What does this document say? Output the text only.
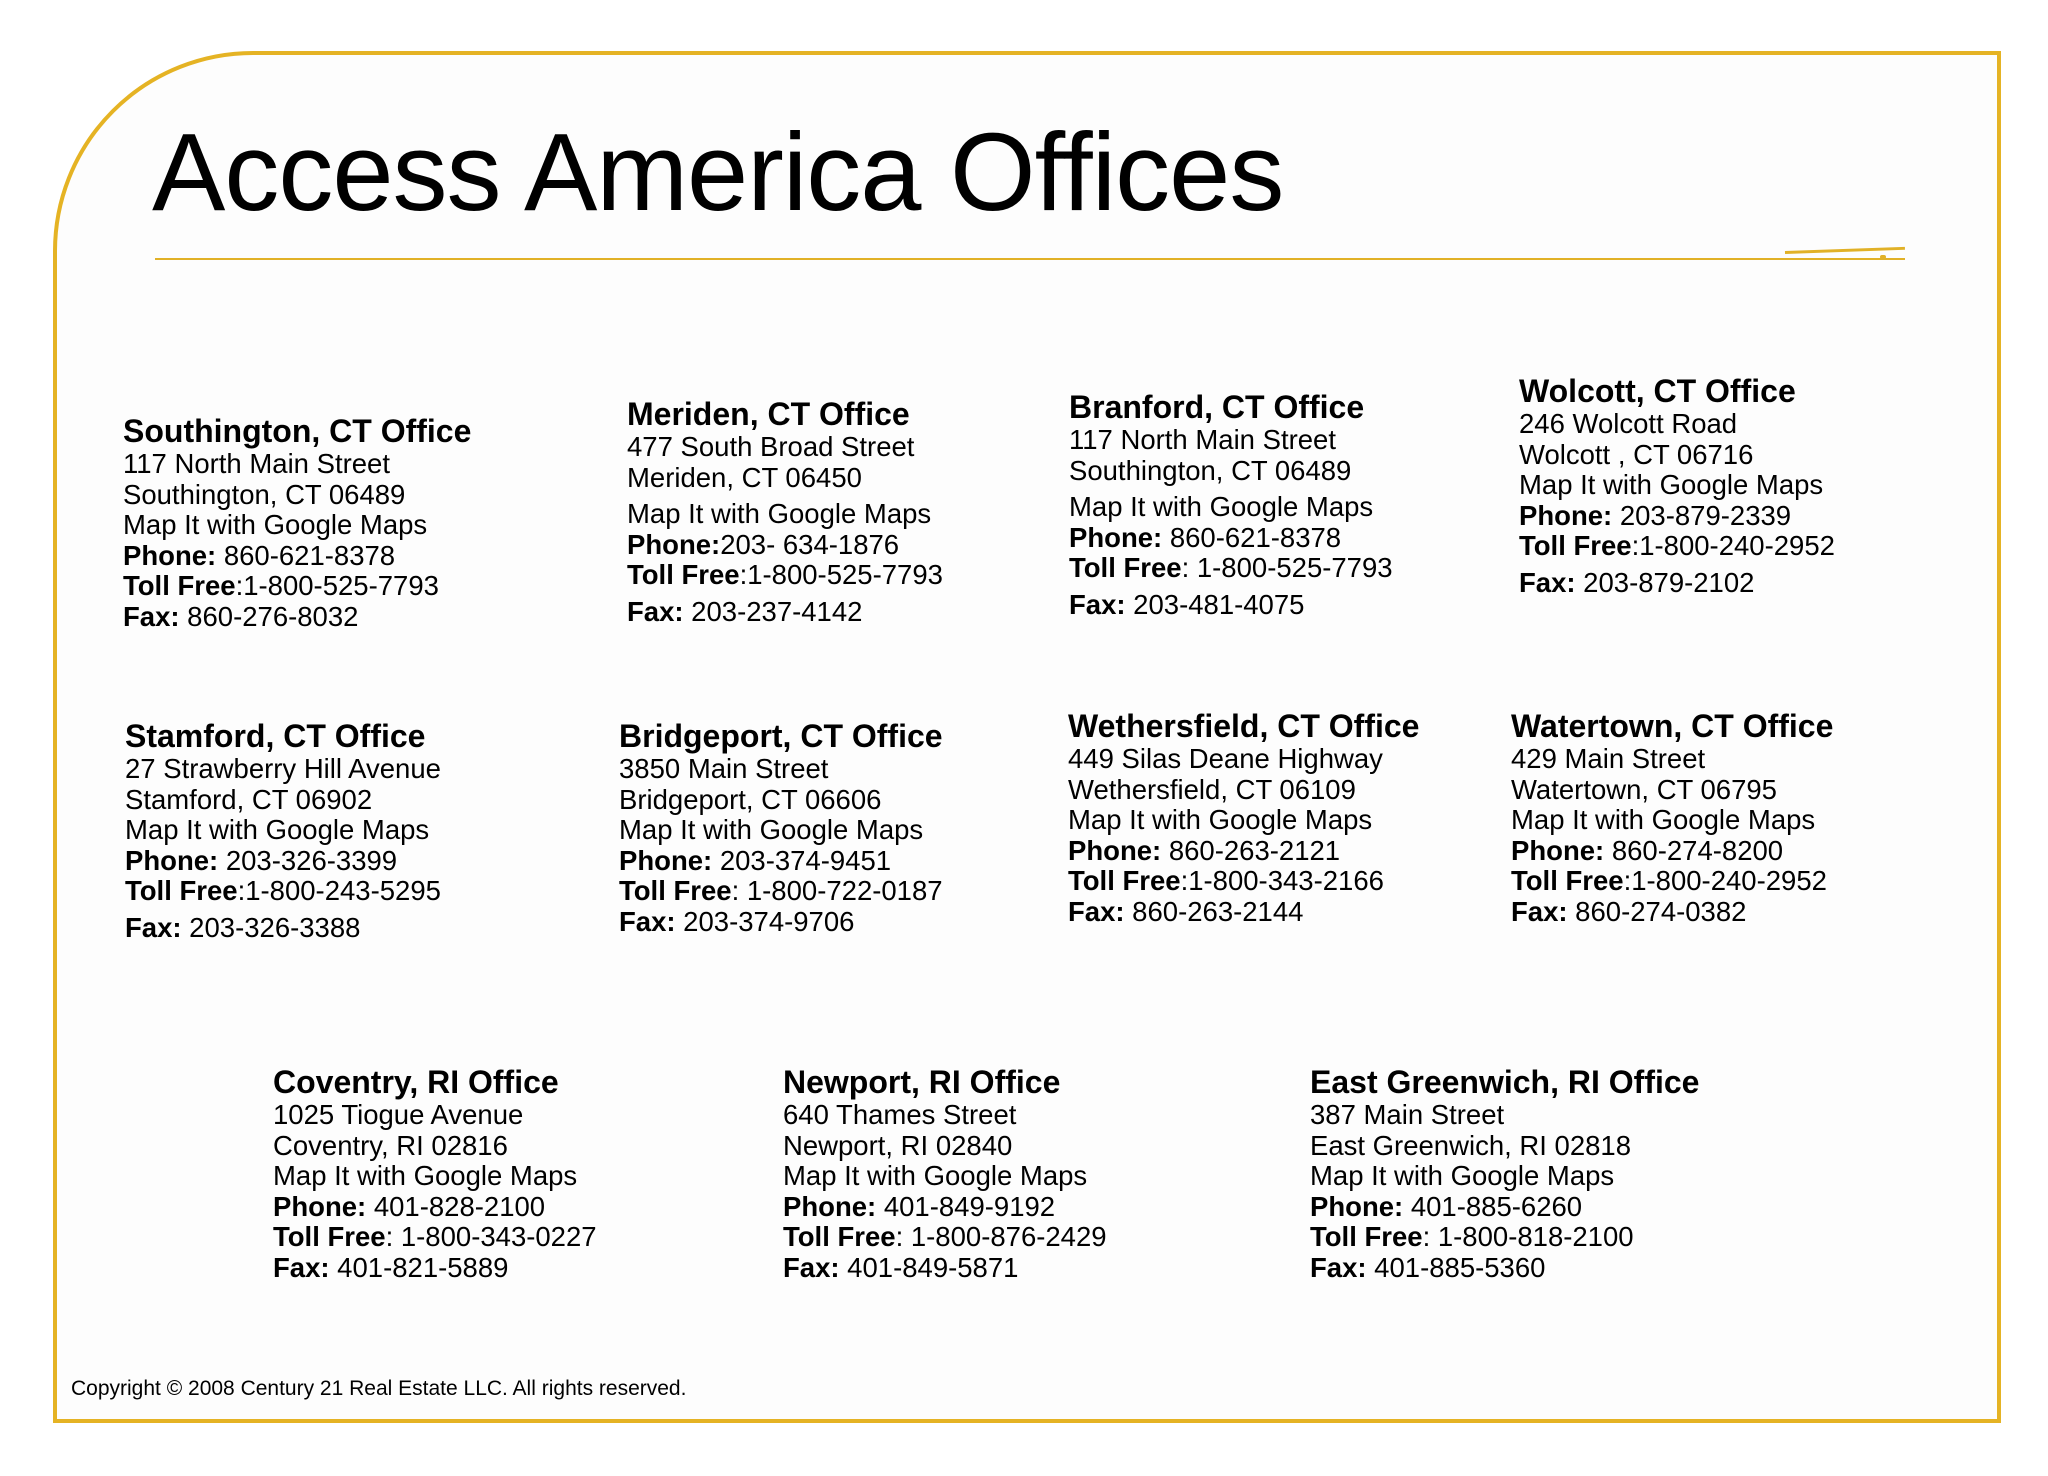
Access America Offices
Southington, CT Office
117 North Main Street
Southington, CT 06489
Map It with Google Maps
Phone: 860-621-8378
Toll Free:1-800-525-7793
Fax: 860-276-8032
Meriden, CT Office
477 South Broad Street
Meriden, CT 06450
Map It with Google Maps
Phone:203- 634-1876
Toll Free:1-800-525-7793
Fax: 203-237-4142
Branford, CT Office
117 North Main Street
Southington, CT 06489
Map It with Google Maps
Phone: 860-621-8378
Toll Free: 1-800-525-7793
Fax: 203-481-4075
Wolcott, CT Office
246 Wolcott Road
Wolcott , CT 06716
Map It with Google Maps
Phone: 203-879-2339
Toll Free:1-800-240-2952
Fax: 203-879-2102
Stamford, CT Office
27 Strawberry Hill Avenue
Stamford, CT 06902
Map It with Google Maps
Phone: 203-326-3399
Toll Free:1-800-243-5295
Fax: 203-326-3388
Bridgeport, CT Office
3850 Main Street
Bridgeport, CT 06606
Map It with Google Maps
Phone: 203-374-9451
Toll Free: 1-800-722-0187
Fax: 203-374-9706
Wethersfield, CT Office
449 Silas Deane Highway
Wethersfield, CT 06109
Map It with Google Maps
Phone: 860-263-2121
Toll Free:1-800-343-2166
Fax: 860-263-2144
Watertown, CT Office
429 Main Street
Watertown, CT 06795
Map It with Google Maps
Phone: 860-274-8200
Toll Free:1-800-240-2952
Fax: 860-274-0382
Coventry, RI Office
1025 Tiogue Avenue
Coventry, RI 02816
Map It with Google Maps
Phone: 401-828-2100
Toll Free: 1-800-343-0227
Fax: 401-821-5889
Newport, RI Office
640 Thames Street
Newport, RI 02840
Map It with Google Maps
Phone: 401-849-9192
Toll Free: 1-800-876-2429
Fax: 401-849-5871
East Greenwich, RI Office
387 Main Street
East Greenwich, RI 02818
Map It with Google Maps
Phone: 401-885-6260
Toll Free: 1-800-818-2100
Fax: 401-885-5360
Copyright © 2008 Century 21 Real Estate LLC. All rights reserved.
